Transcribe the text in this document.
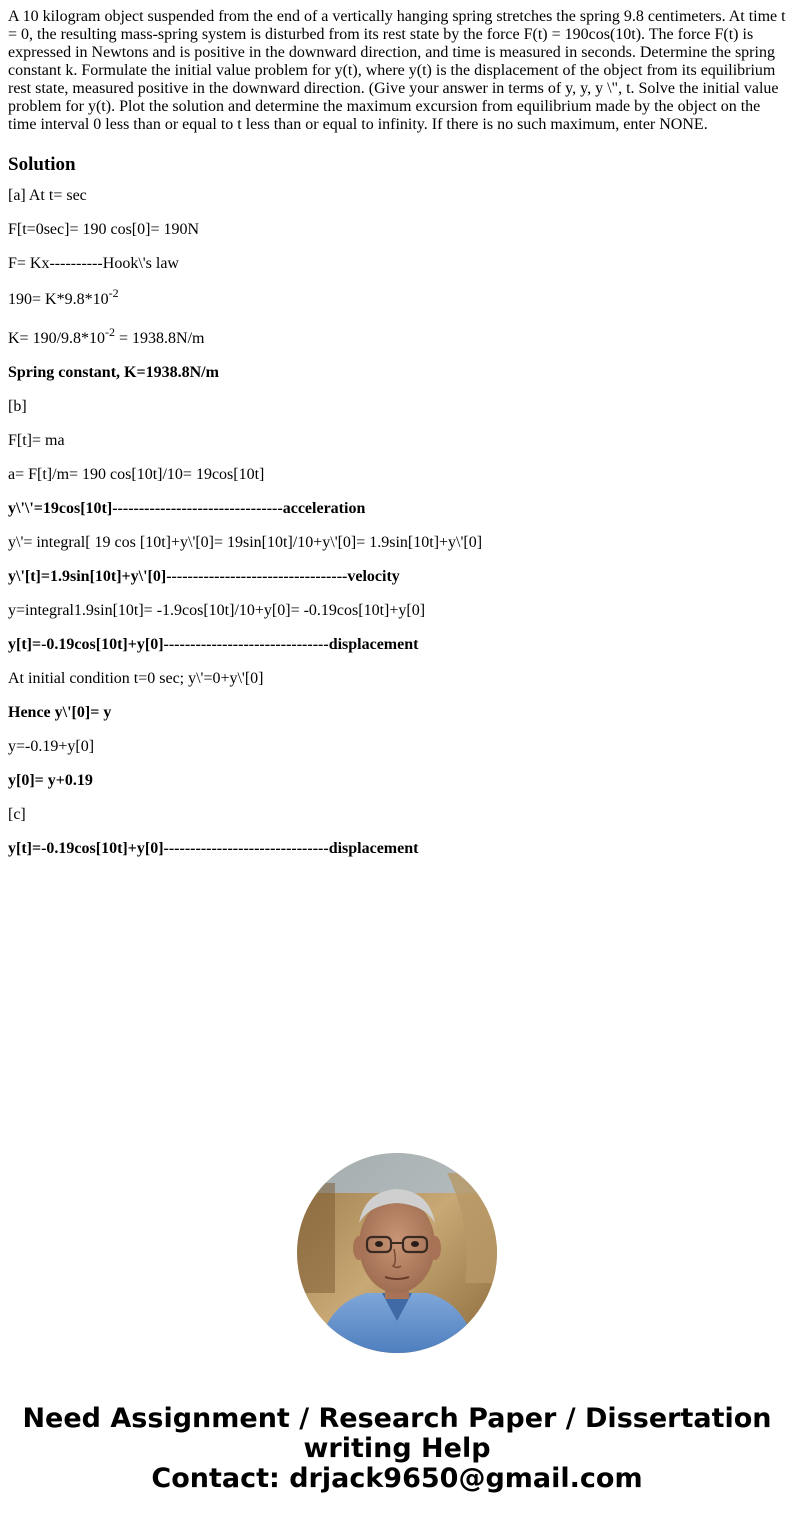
A 10 kilogram object suspended from the end of a vertically hanging spring stretches the spring 9.8 centimeters. At time t = 0, the resulting mass-spring system is disturbed from its rest state by the force F(t) = 190cos(10t). The force F(t) is expressed in Newtons and is positive in the downward direction, and time is measured in seconds. Determine the spring constant k. Formulate the initial value problem for y(t), where y(t) is the displacement of the object from its equilibrium rest state, measured positive in the downward direction. (Give your answer in terms of y, y, y \", t. Solve the initial value problem for y(t). Plot the solution and determine the maximum excursion from equilibrium made by the object on the time interval 0 less than or equal to t less than or equal to infinity. If there is no such maximum, enter NONE.

Solution

[a] At t= sec

F[t=0sec]= 190 cos[0]= 190N

F= Kx----------Hook\'s law

$190= K*9.8*10^{-2}$

$K= 190/9.8*10^{-2} = 1938.8N/m$

Spring constant, K=1938.8N/m

[b]

F[t]= ma

a= F[t]/m= 190 cos[10t]/10= 19cos[10t]

y\'\'=19cos[10t]--------------------------------acceleration

y\'= integral[ 19 cos [10t]+y\'[0]= 19sin[10t]/10+y\'[0]= 1.9sin[10t]+y\'[0]

y\'[t]=1.9sin[10t]+y\'[0]----------------------------------velocity

y=integral1.9sin[10t]= -1.9cos[10t]/10+y[0]= -0.19cos[10t]+y[0]

y[t]=-0.19cos[10t]+y[0]-------------------------------displacement

At initial condition t=0 sec; y\'=0+y\'[0]

Hence y\'[0]= y

y=-0.19+y[0]

y[0]= y+0.19

[c]

y[t]=-0.19cos[10t]+y[0]-------------------------------displacement

Need Assignment / Research Paper / Dissertation
writing Help
Contact: drjack9650@gmail.com
